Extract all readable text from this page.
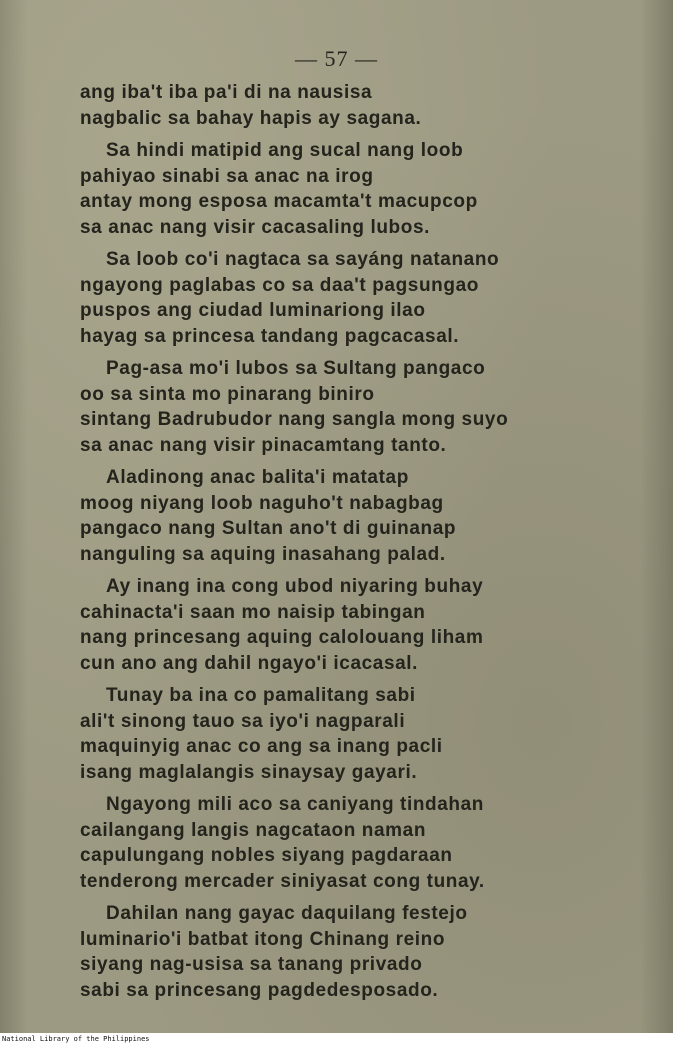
— 57 —
ang iba't iba pa'i di na nausisa
nagbalic sa bahay hapis ay sagana.
Sa hindi matipid ang sucal nang loob
pahiyao sinabi sa anac na irog
antay mong esposa macamta't macupcop
sa anac nang visir cacasaling lubos.
Sa loob co'i nagtaca sa sayáng natanano
ngayong paglabas co sa daa't pagsungao
puspos ang ciudad luminariong ilao
hayag sa princesa tandang pagcacasal.
Pag-asa mo'i lubos sa Sultang pangaco
oo sa sinta mo pinarang biniro
sintang Badrubudor nang sangla mong suyo
sa anac nang visir pinacamtang tanto.
Aladinong anac balita'i matatap
moog niyang loob naguho't nabagbag
pangaco nang Sultan ano't di guinanap
nanguling sa aquing inasahang palad.
Ay inang ina cong ubod niyaring buhay
cahinacta'i saan mo naisip tabingan
nang princesang aquing calolouang liham
cun ano ang dahil ngayo'i icacasal.
Tunay ba ina co pamalitang sabi
ali't sinong tauo sa iyo'i nagparali
maquinyig anac co ang sa inang pacli
isang maglalangis sinaysay gayari.
Ngayong mili aco sa caniyang tindahan
cailangang langis nagcataon naman
capulungang nobles siyang pagdaraan
tenderong mercader siniyasat cong tunay.
Dahilan nang gayac daquilang festejo
luminario'i batbat itong Chinang reino
siyang nag-usisa sa tanang privado
sabi sa princesang pagdedesposado.
National Library of the Philippines
